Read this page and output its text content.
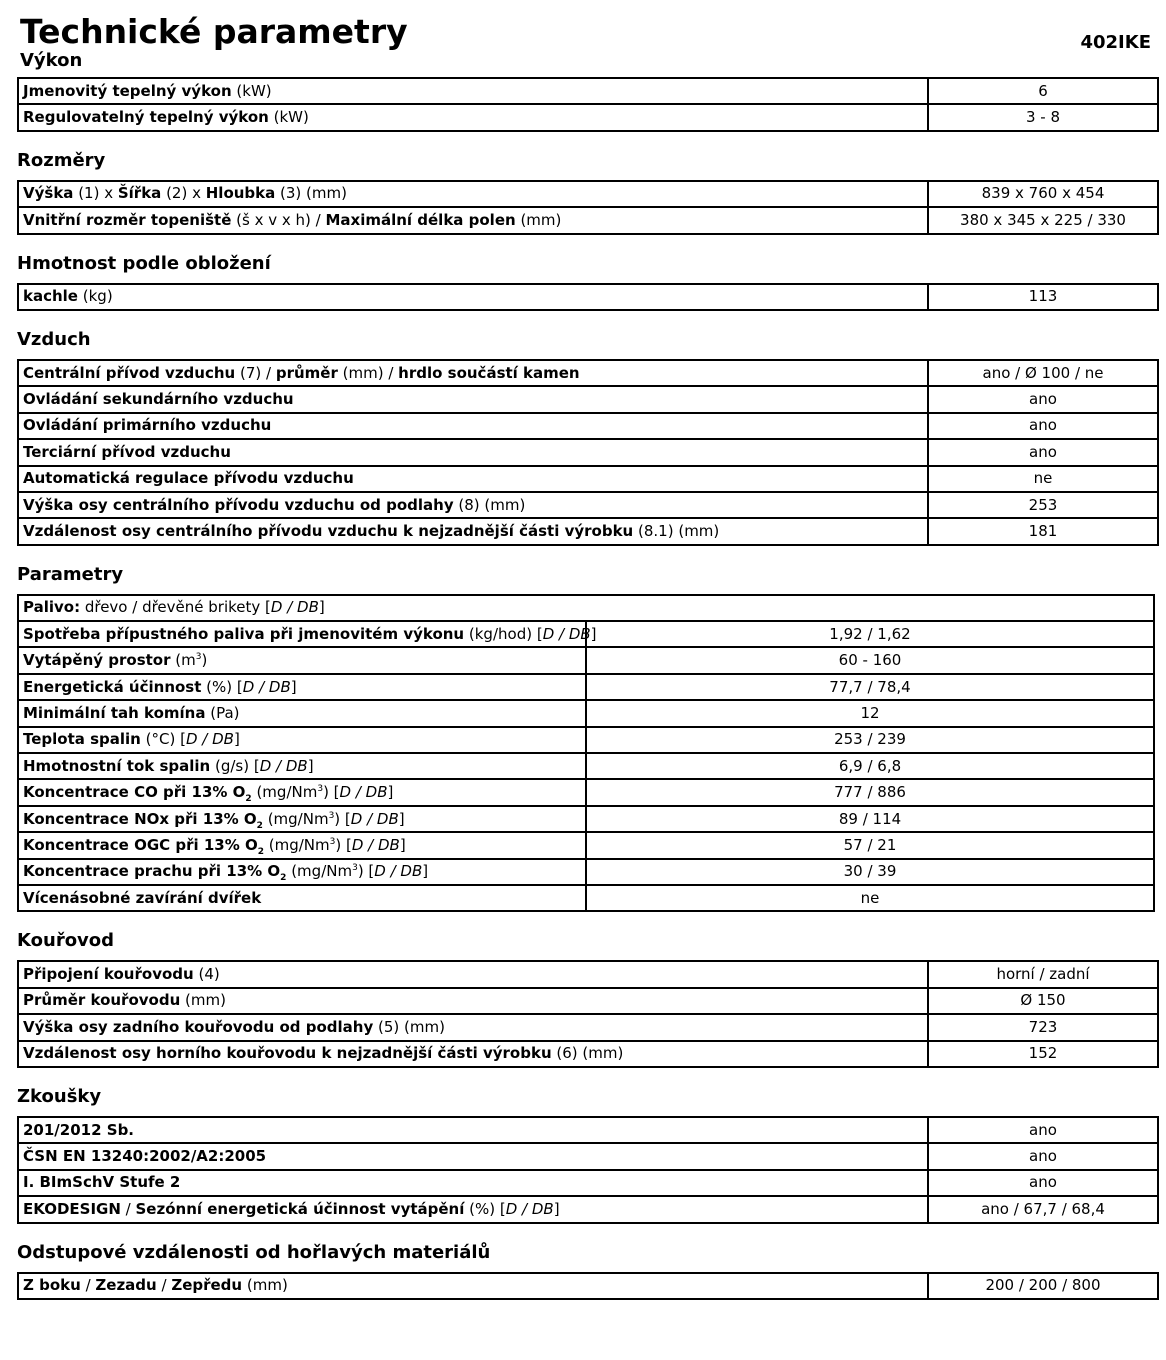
Technické parametry	402IKE
Výkon
Jmenovitý tepelný výkon (kW)	6
Regulovatelný tepelný výkon (kW)	3 - 8
Rozměry
Výška (1) x Šířka (2) x Hloubka (3) (mm)	839 x 760 x 454
Vnitřní rozměr topeniště (š x v x h) / Maximální délka polen (mm)	380 x 345 x 225 / 330
Hmotnost podle obložení
kachle (kg)	113
Vzduch
Centrální přívod vzduchu (7) / průměr (mm) / hrdlo součástí kamen	ano / Ø 100 / ne
Ovládání sekundárního vzduchu	ano
Ovládání primárního vzduchu	ano
Terciární přívod vzduchu	ano
Automatická regulace přívodu vzduchu	ne
Výška osy centrálního přívodu vzduchu od podlahy (8) (mm)	253
Vzdálenost osy centrálního přívodu vzduchu k nejzadnější části výrobku (8.1) (mm)	181
Parametry
Palivo: dřevo / dřevěné brikety [D / DB]	
Spotřeba přípustného paliva při jmenovitém výkonu (kg/hod) [D / DB]	1,92 / 1,62
Vytápěný prostor $(m^3)$	60 - 160
Energetická účinnost (%) [D / DB]	77,7 / 78,4
Minimální tah komína (Pa)	12
Teplota spalin (°C) [D / DB]	253 / 239
Hmotnostní tok spalin (g/s) [D / DB]	6,9 / 6,8
Koncentrace CO při 13% $O_2$ (mg/Nm$^3$) [D / DB]	777 / 886
Koncentrace NOx při 13% $O_2$ (mg/Nm$^3$) [D / DB]	89 / 114
Koncentrace OGC při 13% $O_2$ (mg/Nm$^3$) [D / DB]	57 / 21
Koncentrace prachu při 13% $O_2$ (mg/Nm$^3$) [D / DB]	30 / 39
Vícenásobné zavírání dvířek	ne
Kouřovod
Připojení kouřovodu (4)	horní / zadní
Průměr kouřovodu (mm)	Ø 150
Výška osy zadního kouřovodu od podlahy (5) (mm)	723
Vzdálenost osy horního kouřovodu k nejzadnější části výrobku (6) (mm)	152
Zkoušky
201/2012 Sb.	ano
ČSN EN 13240:2002/A2:2005	ano
I. BImSchV Stufe 2	ano
EKODESIGN / Sezónní energetická účinnost vytápění (%) [D / DB]	ano / 67,7 / 68,4
Odstupové vzdálenosti od hořlavých materiálů
Z boku / Zezadu / Zepředu (mm)	200 / 200 / 800
